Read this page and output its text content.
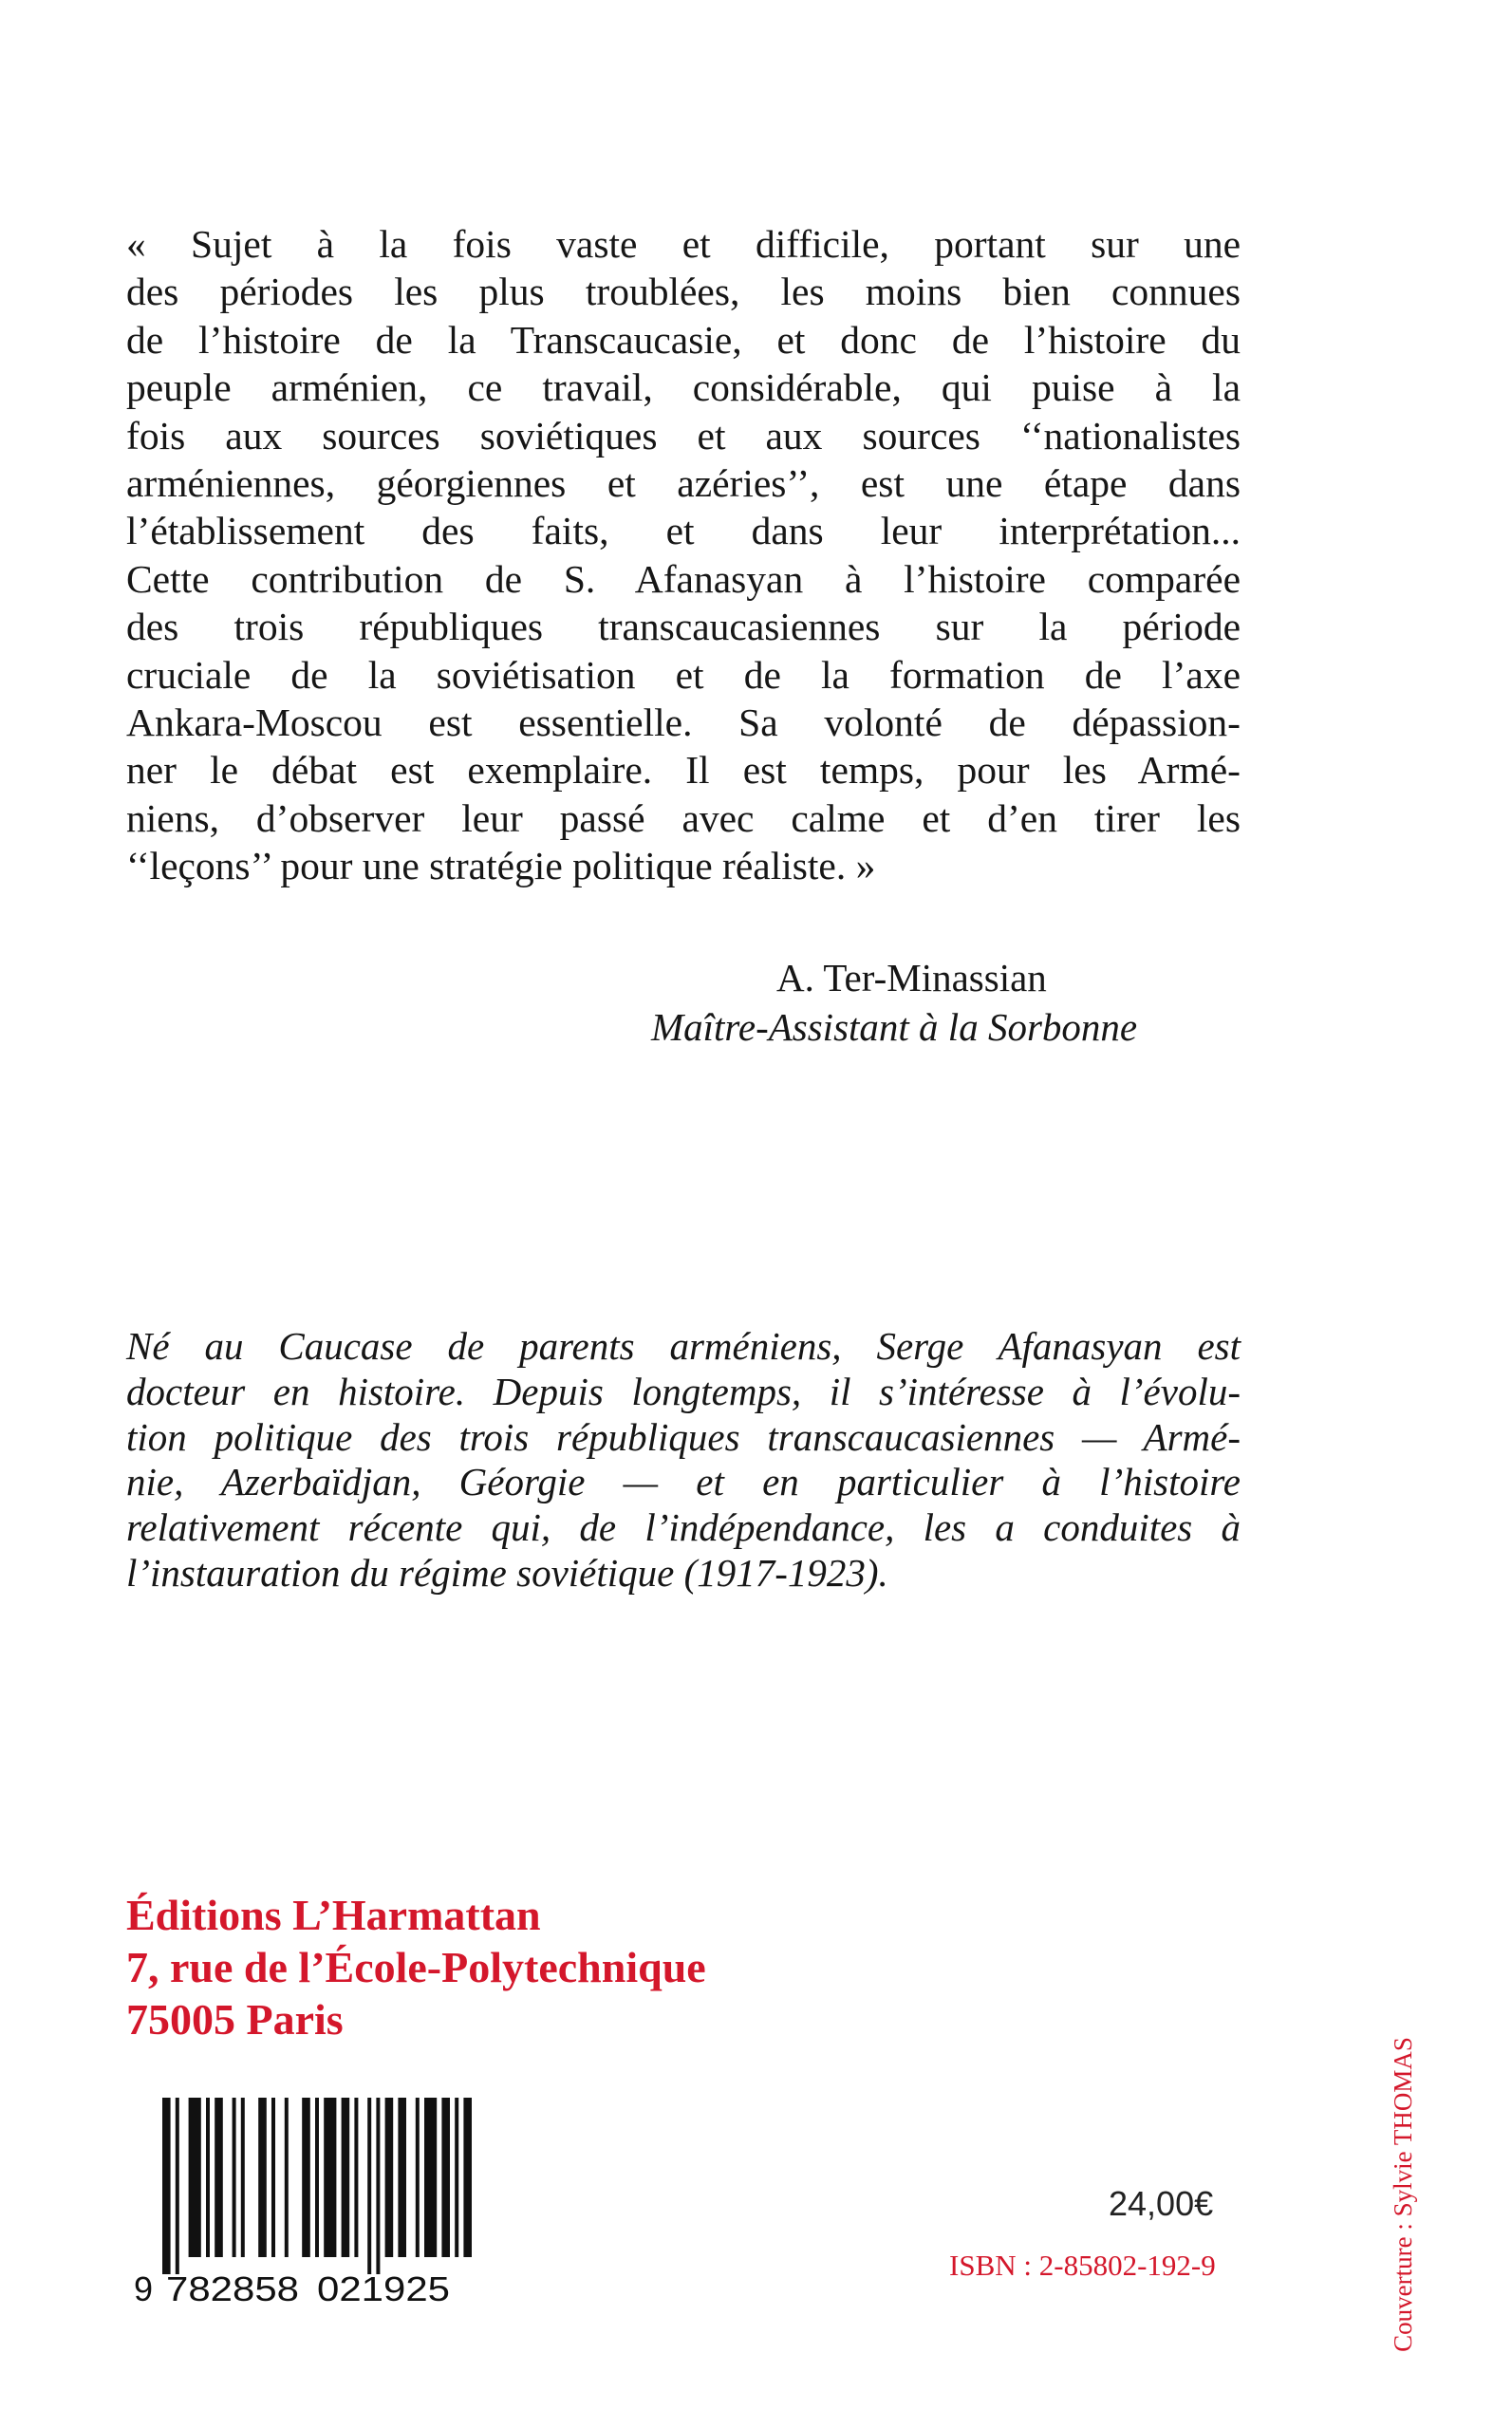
« Sujet à la fois vaste et difficile, portant sur une
des périodes les plus troublées, les moins bien connues
de l’histoire de la Transcaucasie, et donc de l’histoire du
peuple arménien, ce travail, considérable, qui puise à la
fois aux sources soviétiques et aux sources ‘‘nationalistes
arméniennes, géorgiennes et azéries’’, est une étape dans
l’établissement des faits, et dans leur interprétation...
Cette contribution de S. Afanasyan à l’histoire comparée
des trois républiques transcaucasiennes sur la période
cruciale de la soviétisation et de la formation de l’axe
Ankara-Moscou est essentielle. Sa volonté de dépassion-
ner le débat est exemplaire. Il est temps, pour les Armé-
niens, d’observer leur passé avec calme et d’en tirer les
‘‘leçons’’ pour une stratégie politique réaliste. »
A. Ter-Minassian
Maître-Assistant à la Sorbonne
Né au Caucase de parents arméniens, Serge Afanasyan est
docteur en histoire. Depuis longtemps, il s’intéresse à l’évolu-
tion politique des trois républiques transcaucasiennes — Armé-
nie, Azerbaïdjan, Géorgie — et en particulier à l’histoire
relativement récente qui, de l’indépendance, les a conduites à
l’instauration du régime soviétique (1917-1923).
Éditions L’Harmattan
7, rue de l’École-Polytechnique
75005 Paris
Couverture : Sylvie THOMAS
9 782858 021925
24,00€
ISBN : 2-85802-192-9
